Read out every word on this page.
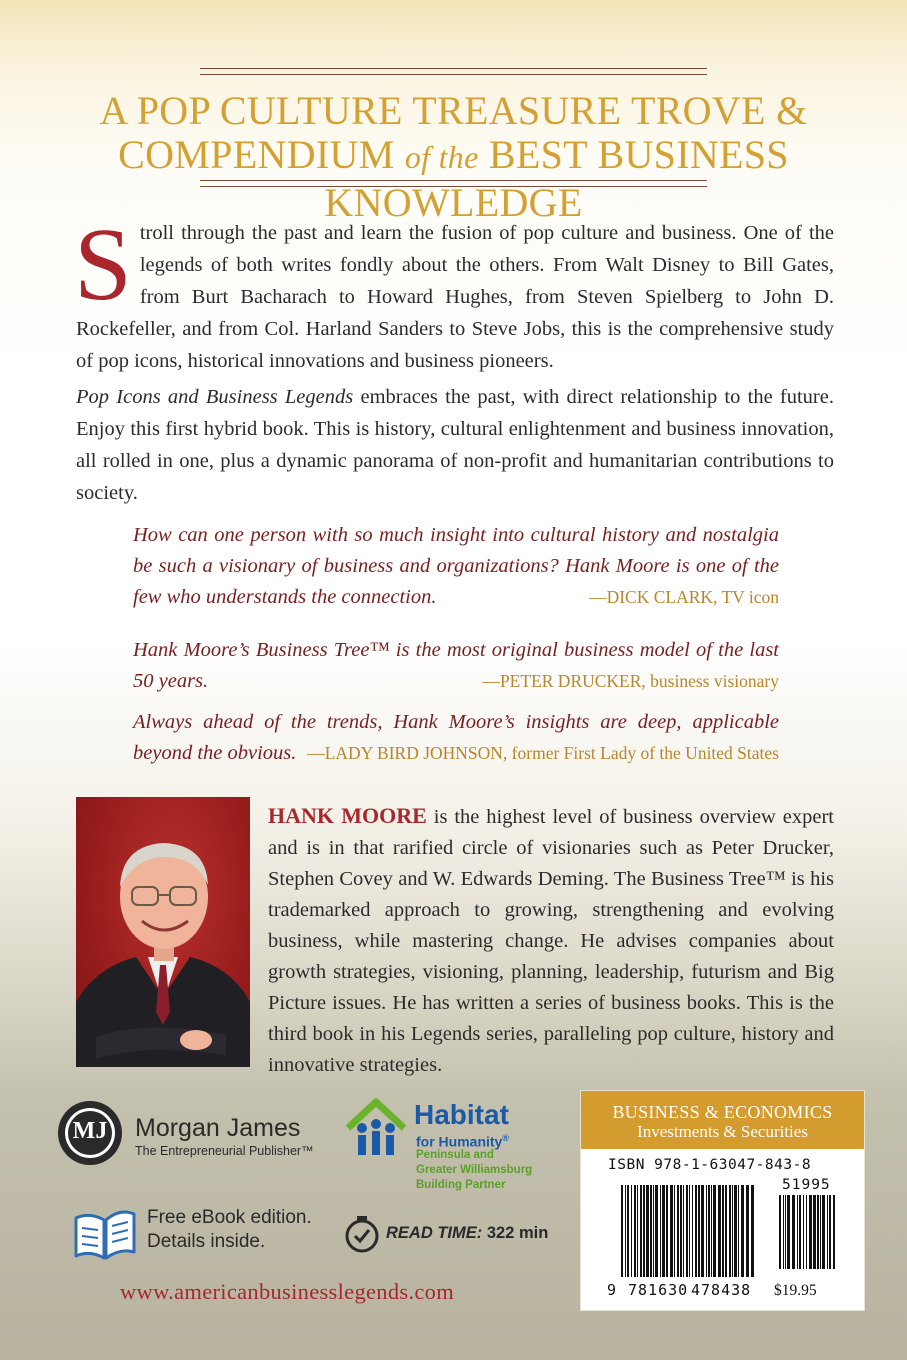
A POP CULTURE TREASURE TROVE &
COMPENDIUM of the BEST BUSINESS KNOWLEDGE

Stroll through the past and learn the fusion of pop culture and business. One of the legends of both writes fondly about the others. From Walt Disney to Bill Gates, from Burt Bacharach to Howard Hughes, from Steven Spielberg to John D. Rockefeller, and from Col. Harland Sanders to Steve Jobs, this is the comprehensive study of pop icons, historical innovations and business pioneers.

Pop Icons and Business Legends embraces the past, with direct relationship to the future. Enjoy this first hybrid book. This is history, cultural enlightenment and business innovation, all rolled in one, plus a dynamic panorama of non-profit and humanitarian contributions to society.

How can one person with so much insight into cultural history and nostalgia be such a visionary of business and organizations? Hank Moore is one of the few who understands the connection.	—DICK CLARK, TV icon

Hank Moore’s Business Tree™ is the most original business model of the last 50 years.	—PETER DRUCKER, business visionary

Always ahead of the trends, Hank Moore’s insights are deep, applicable beyond the obvious. —LADY BIRD JOHNSON, former First Lady of the United States

HANK MOORE is the highest level of business overview expert and is in that rarified circle of visionaries such as Peter Drucker, Stephen Covey and W. Edwards Deming. The Business Tree™ is his trademarked approach to growing, strengthening and evolving business, while mastering change. He advises companies about growth strategies, visioning, planning, leadership, futurism and Big Picture issues. He has written a series of business books. This is the third book in his Legends series, paralleling pop culture, history and innovative strategies.

MJ	Morgan James
The Entrepreneurial Publisher™
Habitat
for Humanity®
Peninsula and
Greater Williamsburg
Building Partner
Free eBook edition.
Details inside.	READ TIME: 322 min
www.americanbusinesslegends.com
BUSINESS & ECONOMICS
Investments & Securities
ISBN 978-1-63047-843-8
51995
9 781630 478438 $19.95
